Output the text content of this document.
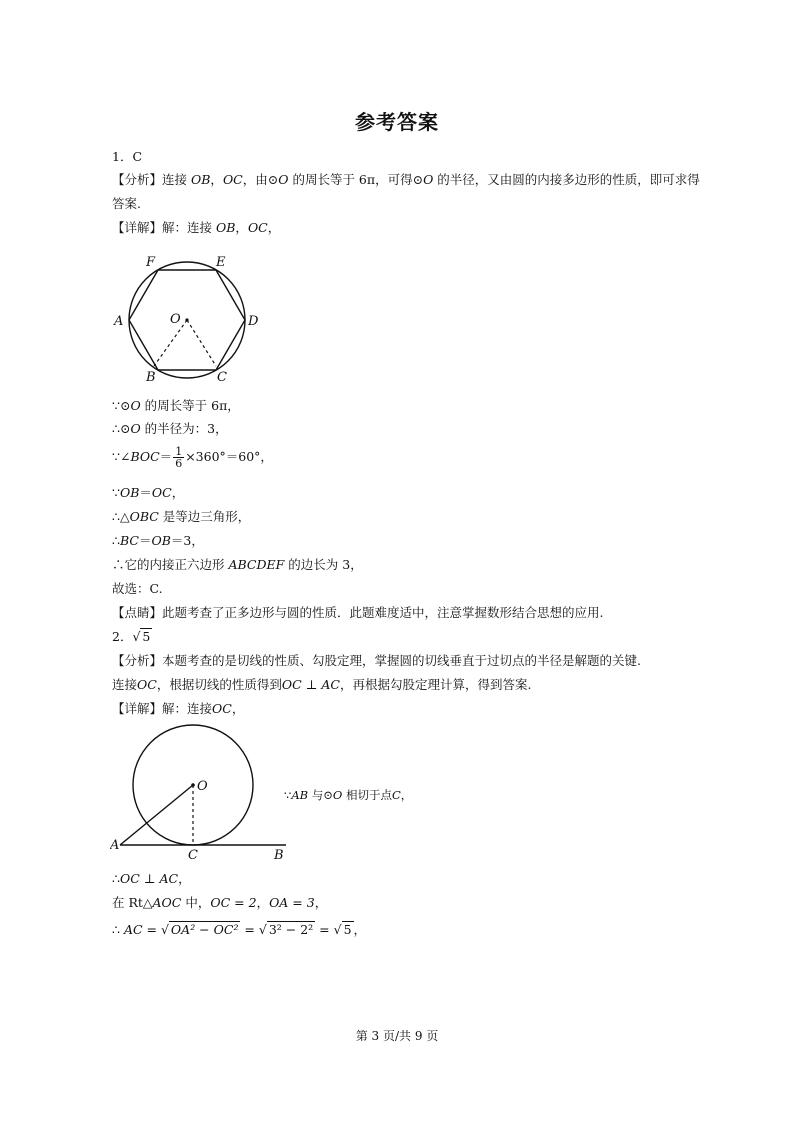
参考答案
1．C
【分析】连接 OB，OC，由⊙O 的周长等于 6π，可得⊙O 的半径，又由圆的内接多边形的性质，即可求得
答案.
【详解】解：连接 OB，OC，
F	E
A	O	D
B	C
∵⊙O 的周长等于 6π，
∴⊙O 的半径为：3，
∵∠BOC＝ $\frac{1}{6} \times 360^\circ=60^\circ$，
∵OB＝OC，
∴△OBC 是等边三角形，
∴BC＝OB＝3，
∴它的内接正六边形 ABCDEF 的边长为 3，
故选：C.
【点睛】此题考查了正多边形与圆的性质．此题难度适中，注意掌握数形结合思想的应用.
2．√ 5
【分析】本题考查的是切线的性质、勾股定理，掌握圆的切线垂直于过切点的半径是解题的关键.
连接OC，根据切线的性质得到OC ⊥ AC，再根据勾股定理计算，得到答案.
【详解】解：连接OC，
O
A
C	B
∵AB 与⊙O 相切于点C，
∴OC ⊥ AC，
在 Rt△AOC 中，OC = 2，OA = 3，
∴ AC = √ OA² − OC² = √ 3² − 2² = √ 5 ，
第 3 页/共 9 页
